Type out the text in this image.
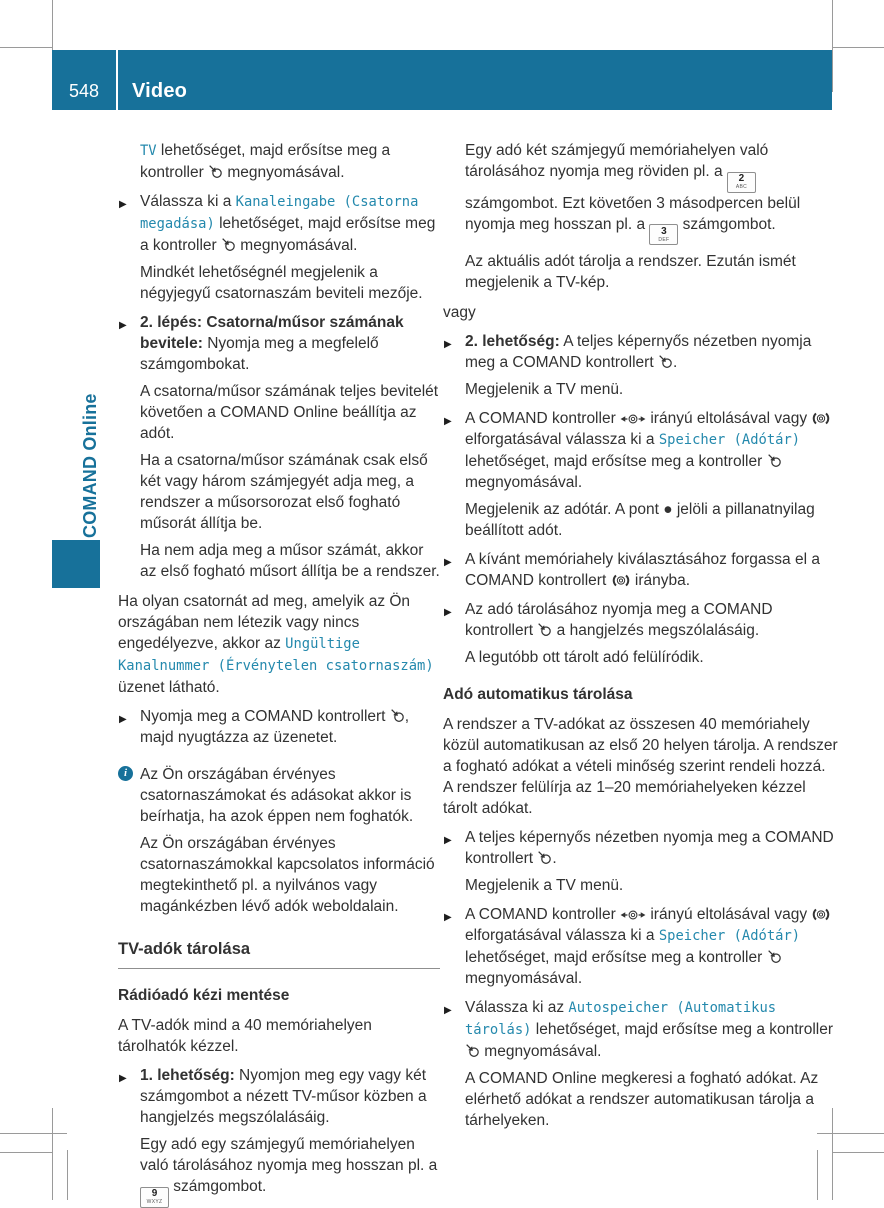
548	Video
COMAND Online
TV lehetőséget, majd erősítse meg a kontroller  megnyomásával.
▶ Válassza ki a Kanaleingabe (Csatorna megadása) lehetőséget, majd erősítse meg a kontroller  megnyomásával.
Mindkét lehetőségnél megjelenik a négyjegyű csatornaszám beviteli mezője.
▶ 2. lépés: Csatorna/műsor számának bevitele: Nyomja meg a megfelelő számgombokat.
A csatorna/műsor számának teljes bevitelét követően a COMAND Online beállítja az adót.
Ha a csatorna/műsor számának csak első két vagy három számjegyét adja meg, a rendszer a műsorsorozat első fogható műsorát állítja be.
Ha nem adja meg a műsor számát, akkor az első fogható műsort állítja be a rendszer.
Ha olyan csatornát ad meg, amelyik az Ön országában nem létezik vagy nincs engedélyezve, akkor az Ungültige Kanalnummer (Érvénytelen csatornaszám) üzenet látható.
▶ Nyomja meg a COMAND kontrollert , majd nyugtázza az üzenetet.
i Az Ön országában érvényes csatornaszámokat és adásokat akkor is beírhatja, ha azok éppen nem foghatók.
Az Ön országában érvényes csatornaszámokkal kapcsolatos információ megtekinthető pl. a nyilvános vagy magánkézben lévő adók weboldalain.
TV-adók tárolása
Rádióadó kézi mentése
A TV-adók mind a 40 memóriahelyen tárolhatók kézzel.
▶ 1. lehetőség: Nyomjon meg egy vagy két számgombot a nézett TV-műsor közben a hangjelzés megszólalásáig.
Egy adó egy számjegyű memóriahelyen való tárolásához nyomja meg hosszan pl. a
9
WXYZ
számgombot.
Egy adó két számjegyű memóriahelyen való tárolásához nyomja meg röviden pl. a 2
ABC
számgombot. Ezt követően 3 másodpercen belül nyomja meg hosszan pl. a 3
DEF
számgombot.
Az aktuális adót tárolja a rendszer. Ezután ismét megjelenik a TV-kép.
vagy
▶ 2. lehetőség: A teljes képernyős nézetben nyomja meg a COMAND kontrollert .
Megjelenik a TV menü.
▶ A COMAND kontroller  irányú eltolásával vagy  elforgatásával válassza ki a Speicher (Adótár) lehetőséget, majd erősítse meg a kontroller  megnyomásával.
Megjelenik az adótár. A pont ● jelöli a pillanatnyilag beállított adót.
▶ A kívánt memóriahely kiválasztásához forgassa el a COMAND kontrollert  irányba.
▶ Az adó tárolásához nyomja meg a COMAND kontrollert  a hangjelzés megszólalásáig.
A legutóbb ott tárolt adó felülíródik.
Adó automatikus tárolása
A rendszer a TV-adókat az összesen 40 memóriahely közül automatikusan az első 20 helyen tárolja. A rendszer a fogható adókat a vételi minőség szerint rendeli hozzá. A rendszer felülírja az 1–20 memóriahelyeken kézzel tárolt adókat.
▶ A teljes képernyős nézetben nyomja meg a COMAND kontrollert .
Megjelenik a TV menü.
▶ A COMAND kontroller  irányú eltolásával vagy  elforgatásával válassza ki a Speicher (Adótár) lehetőséget, majd erősítse meg a kontroller  megnyomásával.
▶ Válassza ki az Autospeicher (Automatikus tárolás) lehetőséget, majd erősítse meg a kontroller  megnyomásával.
A COMAND Online megkeresi a fogható adókat. Az elérhető adókat a rendszer automatikusan tárolja a tárhelyeken.
